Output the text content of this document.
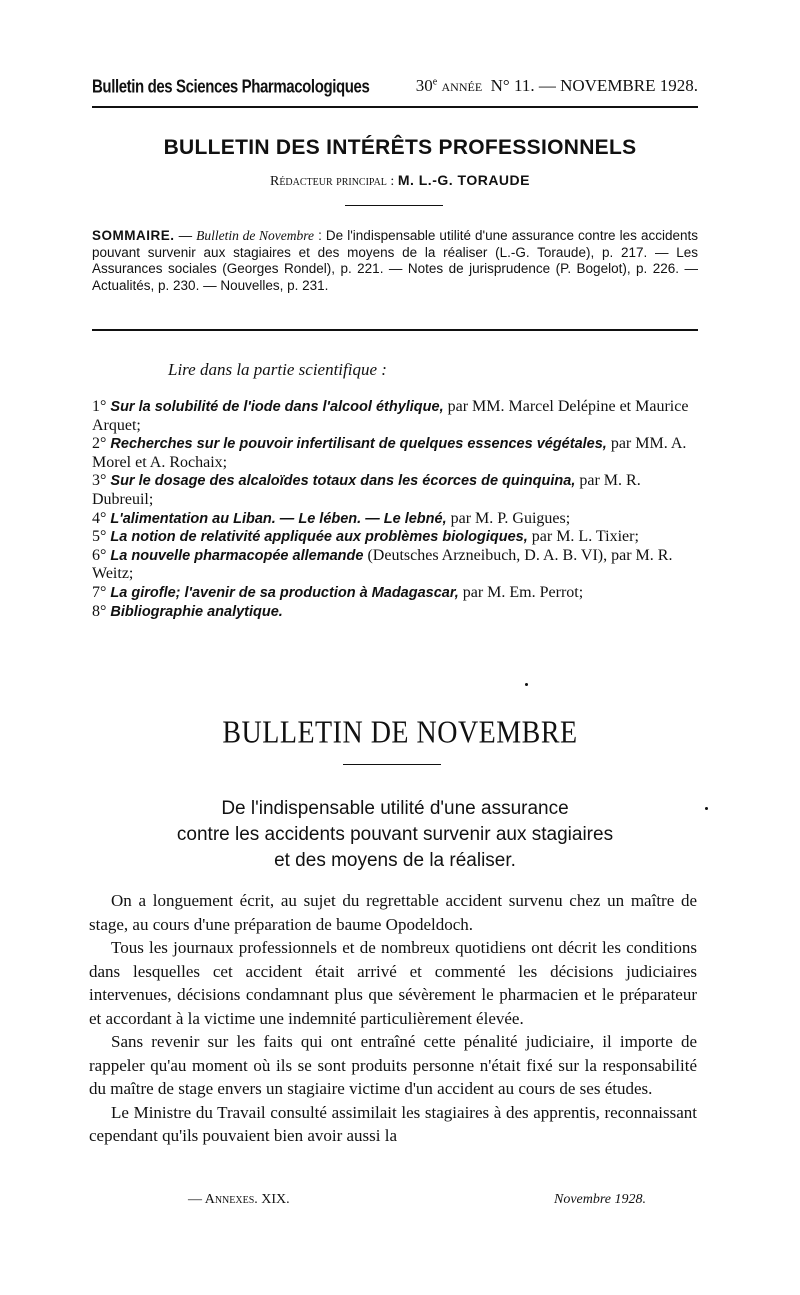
Bulletin des Sciences Pharmacologiques	30e année N° 11. — NOVEMBRE 1928.
BULLETIN DES INTÉRÊTS PROFESSIONNELS
Rédacteur principal : M. L.-G. TORAUDE
SOMMAIRE. — Bulletin de Novembre : De l'indispensable utilité d'une assurance contre les accidents pouvant survenir aux stagiaires et des moyens de la réaliser (L.-G. Toraude), p. 217. — Les Assurances sociales (Georges Rondel), p. 221. — Notes de jurisprudence (P. Bogelot), p. 226. — Actualités, p. 230. — Nouvelles, p. 231.
Lire dans la partie scientifique :
1° Sur la solubilité de l'iode dans l'alcool éthylique, par MM. Marcel Delépine et Maurice Arquet;
2° Recherches sur le pouvoir infertilisant de quelques essences végétales, par MM. A. Morel et A. Rochaix;
3° Sur le dosage des alcaloïdes totaux dans les écorces de quinquina, par M. R. Dubreuil;
4° L'alimentation au Liban. — Le lében. — Le lebné, par M. P. Guigues;
5° La notion de relativité appliquée aux problèmes biologiques, par M. L. Tixier;
6° La nouvelle pharmacopée allemande (Deutsches Arzneibuch, D. A. B. VI), par M. R. Weitz;
7° La girofle; l'avenir de sa production à Madagascar, par M. Em. Perrot;
8° Bibliographie analytique.
BULLETIN DE NOVEMBRE
De l'indispensable utilité d'une assurance
contre les accidents pouvant survenir aux stagiaires
et des moyens de la réaliser.

On a longuement écrit, au sujet du regrettable accident survenu chez un maître de stage, au cours d'une préparation de baume Opodeldoch.

Tous les journaux professionnels et de nombreux quotidiens ont décrit les conditions dans lesquelles cet accident était arrivé et commenté les décisions judiciaires intervenues, décisions condamnant plus que sévèrement le pharmacien et le préparateur et accordant à la victime une indemnité particulièrement élevée.

Sans revenir sur les faits qui ont entraîné cette pénalité judiciaire, il importe de rappeler qu'au moment où ils se sont produits personne n'était fixé sur la responsabilité du maître de stage envers un stagiaire victime d'un accident au cours de ses études.

Le Ministre du Travail consulté assimilait les stagiaires à des apprentis, reconnaissant cependant qu'ils pouvaient bien avoir aussi la

— Annexes. XIX.	Novembre 1928.
